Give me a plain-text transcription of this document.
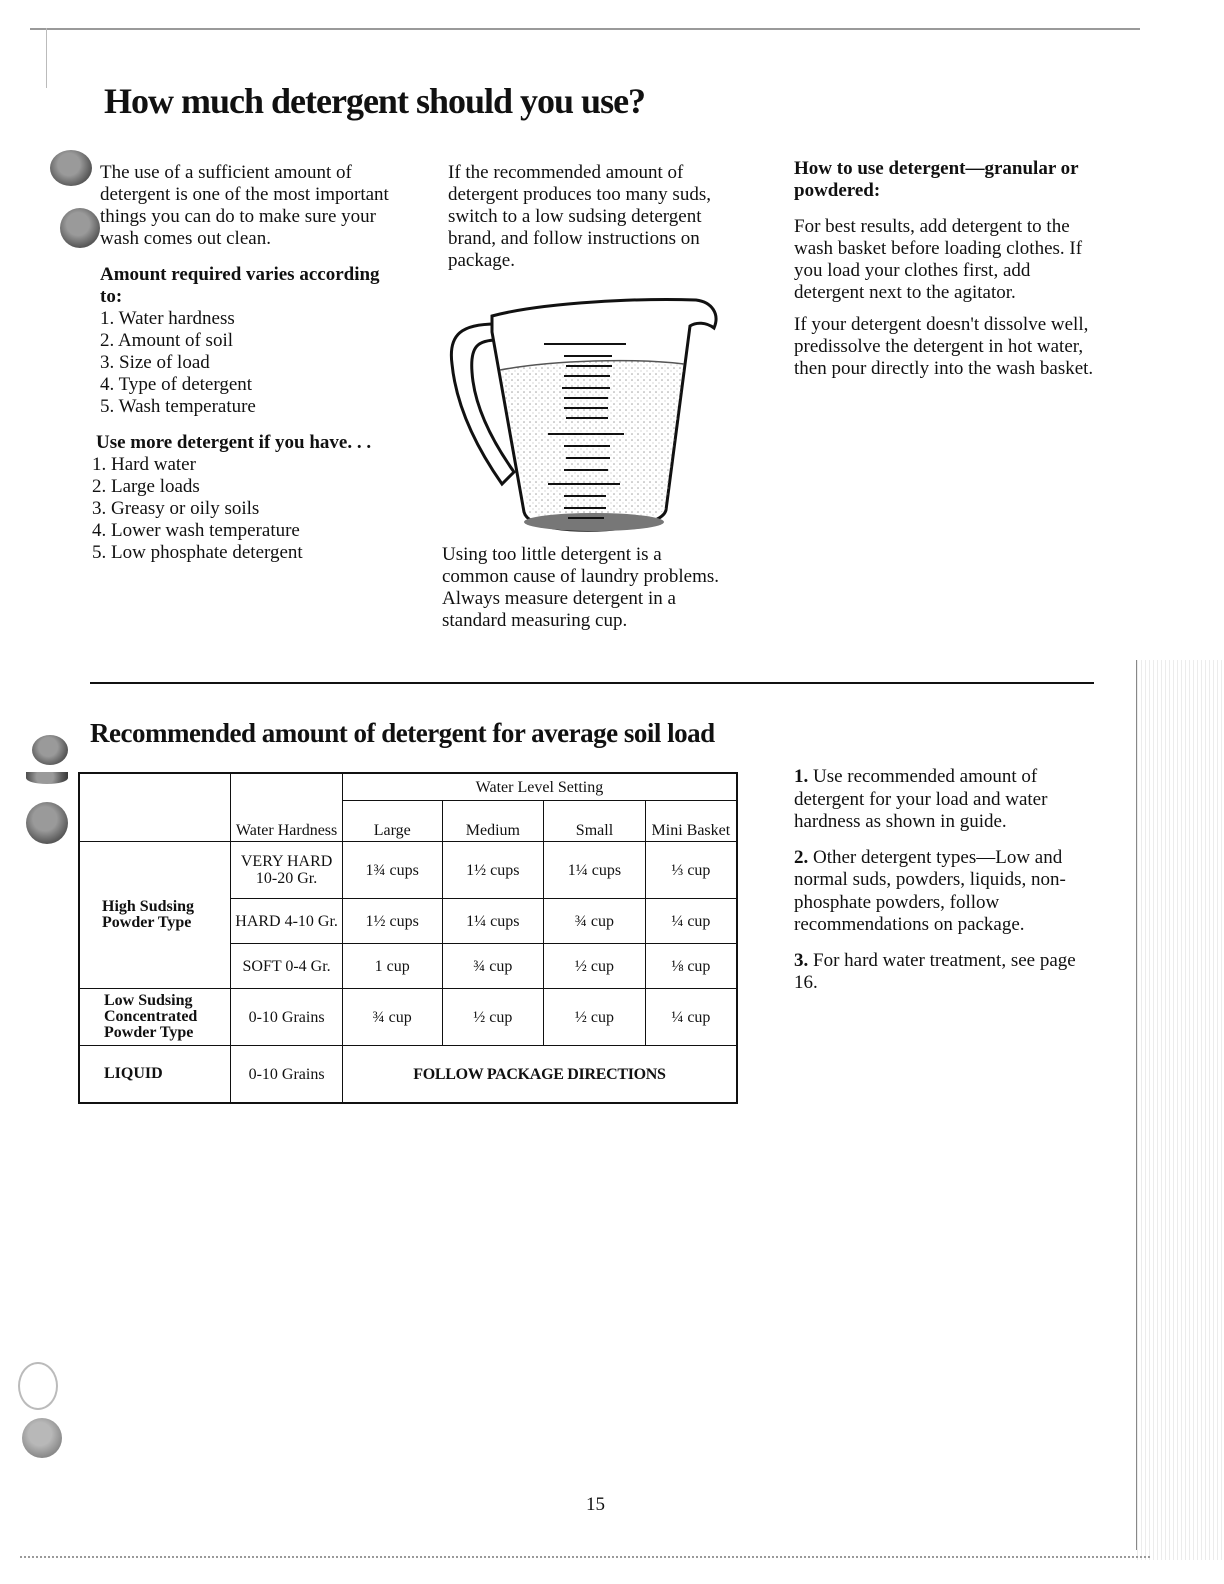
How much detergent should you use?

The use of a sufficient amount of detergent is one of the most important things you can do to make sure your wash comes out clean.

Amount required varies according to:
1. Water hardness
2. Amount of soil
3. Size of load
4. Type of detergent
5. Wash temperature
Use more detergent if you have. . .
1. Hard water
2. Large loads
3. Greasy or oily soils
4. Lower wash temperature
5. Low phosphate detergent

If the recommended amount of detergent produces too many suds, switch to a low sudsing detergent brand, and follow instructions on package.

Using too little detergent is a common cause of laundry problems. Always measure detergent in a standard measuring cup.

How to use detergent—granular or powdered:

For best results, add detergent to the wash basket before loading clothes. If you load your clothes first, add detergent next to the agitator.

If your detergent doesn't dissolve well, predissolve the detergent in hot water, then pour directly into the wash basket.

Recommended amount of detergent for average soil load
	Water Hardness	Water Level Setting			
		Large	Medium	Small	Mini Basket
High Sudsing Powder Type	VERY HARD 10-20 Gr.	1¾ cups	1½ cups	1¼ cups	⅓ cup
	HARD 4-10 Gr.	1½ cups	1¼ cups	¾ cup	¼ cup
	SOFT 0-4 Gr.	1 cup	¾ cup	½ cup	⅛ cup
Low Sudsing Concentrated Powder Type	0-10 Grains	¾ cup	½ cup	½ cup	¼ cup
LIQUID	0-10 Grains	FOLLOW PACKAGE DIRECTIONS			

1. Use recommended amount of detergent for your load and water hardness as shown in guide.

2. Other detergent types—Low and normal suds, powders, liquids, non-phosphate powders, follow recommendations on package.

3. For hard water treatment, see page 16.

15
